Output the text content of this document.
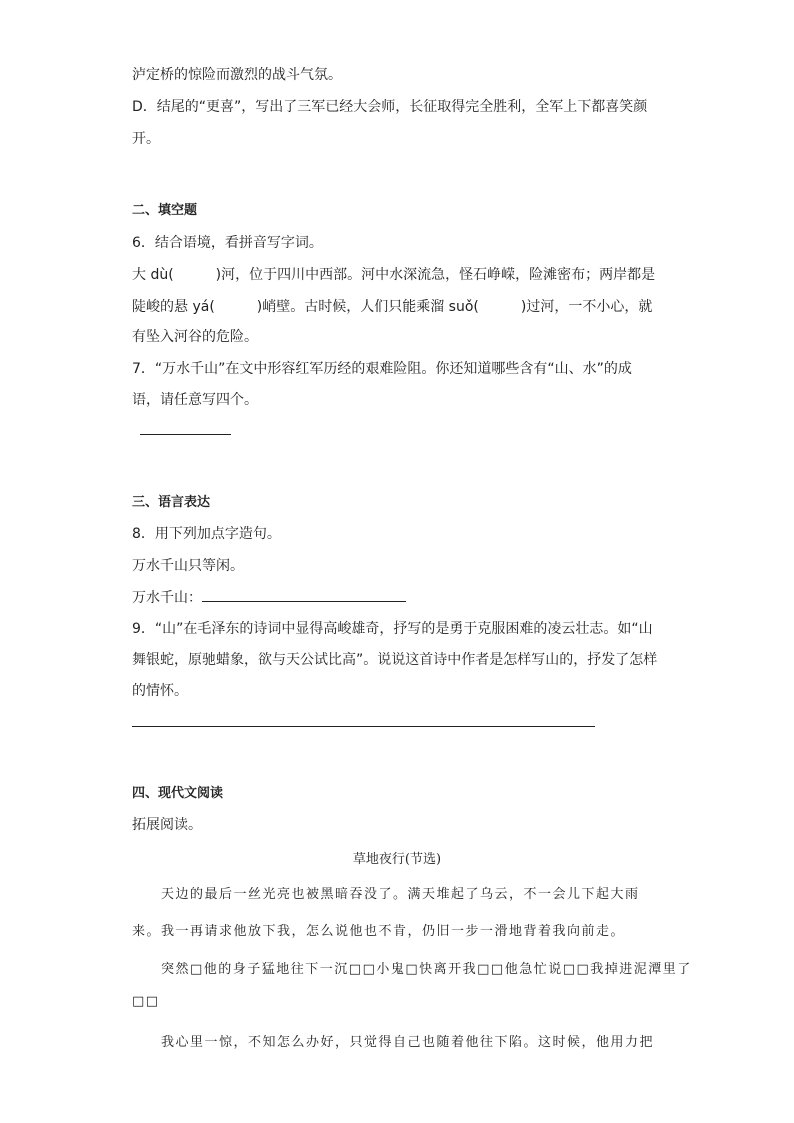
泸定桥的惊险而激烈的战斗气氛。
D．结尾的“更喜”，写出了三军已经大会师，长征取得完全胜利，全军上下都喜笑颜
开。
二、填空题
6．结合语境，看拼音写字词。
大 dù(　　　)河，位于四川中西部。河中水深流急，怪石峥嵘，险滩密布；两岸都是
陡峻的悬 yá(　　　)峭壁。古时候，人们只能乘溜 suǒ(　　　)过河，一不小心，就
有坠入河谷的危险。
7．“万水千山”在文中形容红军历经的艰难险阻。你还知道哪些含有“山、水”的成
语，请任意写四个。
三、语言表达
8．用下列加点字造句。
万水千山只等闲。
万水千山：
9．“山”在毛泽东的诗词中显得高峻雄奇，抒写的是勇于克服困难的凌云壮志。如“山
舞银蛇，原驰蜡象，欲与天公试比高”。说说这首诗中作者是怎样写山的，抒发了怎样
的情怀。
四、现代文阅读
拓展阅读。
草地夜行(节选)
　　天边的最后一丝光亮也被黑暗吞没了。满天堆起了乌云，不一会儿下起大雨
来。我一再请求他放下我，怎么说他也不肯，仍旧一步一滑地背着我向前走。
　　突然□他的身子猛地往下一沉□□小鬼□快离开我□□他急忙说□□我掉进泥潭里了
□□
　　我心里一惊，不知怎么办好，只觉得自己也随着他往下陷。这时候，他用力把
